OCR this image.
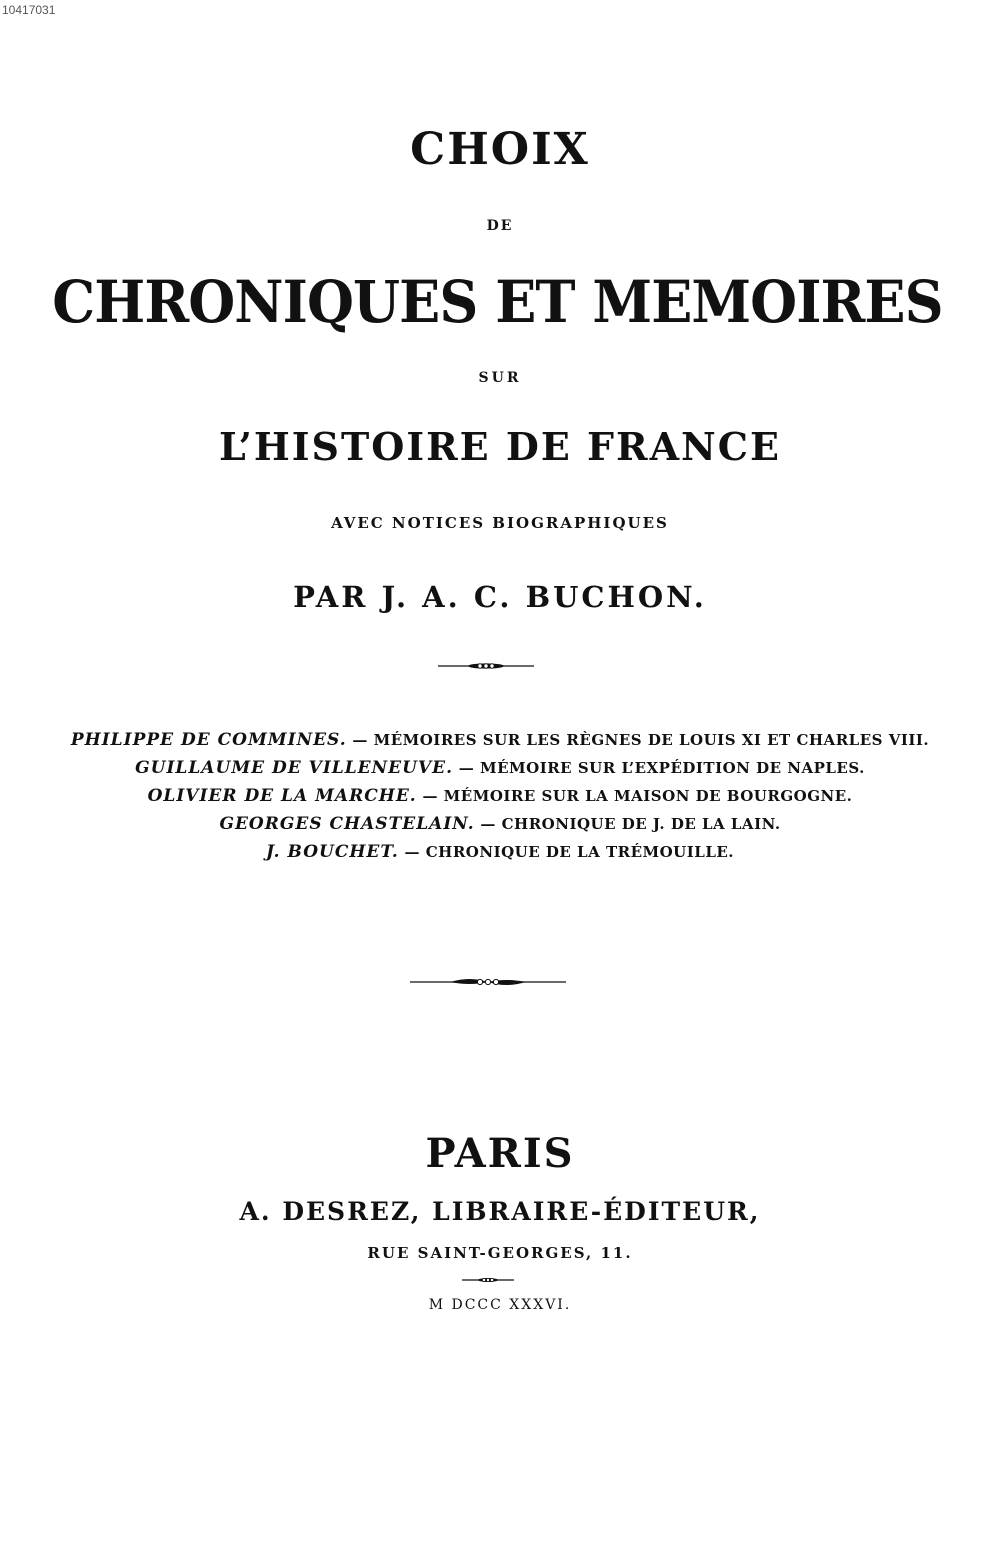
10417031
CHOIX
DE
CHRONIQUES ET MEMOIRES
SUR
L’HISTOIRE DE FRANCE
AVEC NOTICES BIOGRAPHIQUES
PAR J. A. C. BUCHON.
PHILIPPE DE COMMINES. — MÉMOIRES SUR LES RÈGNES DE LOUIS XI ET CHARLES VIII.
GUILLAUME DE VILLENEUVE. — MÉMOIRE SUR L’EXPÉDITION DE NAPLES.
OLIVIER DE LA MARCHE. — MÉMOIRE SUR LA MAISON DE BOURGOGNE.
GEORGES CHASTELAIN. — CHRONIQUE DE J. DE LA LAIN.
J. BOUCHET. — CHRONIQUE DE LA TRÉMOUILLE.
PARIS
A. DESREZ, LIBRAIRE-ÉDITEUR,
RUE SAINT-GEORGES, 11.
M DCCC XXXVI.
